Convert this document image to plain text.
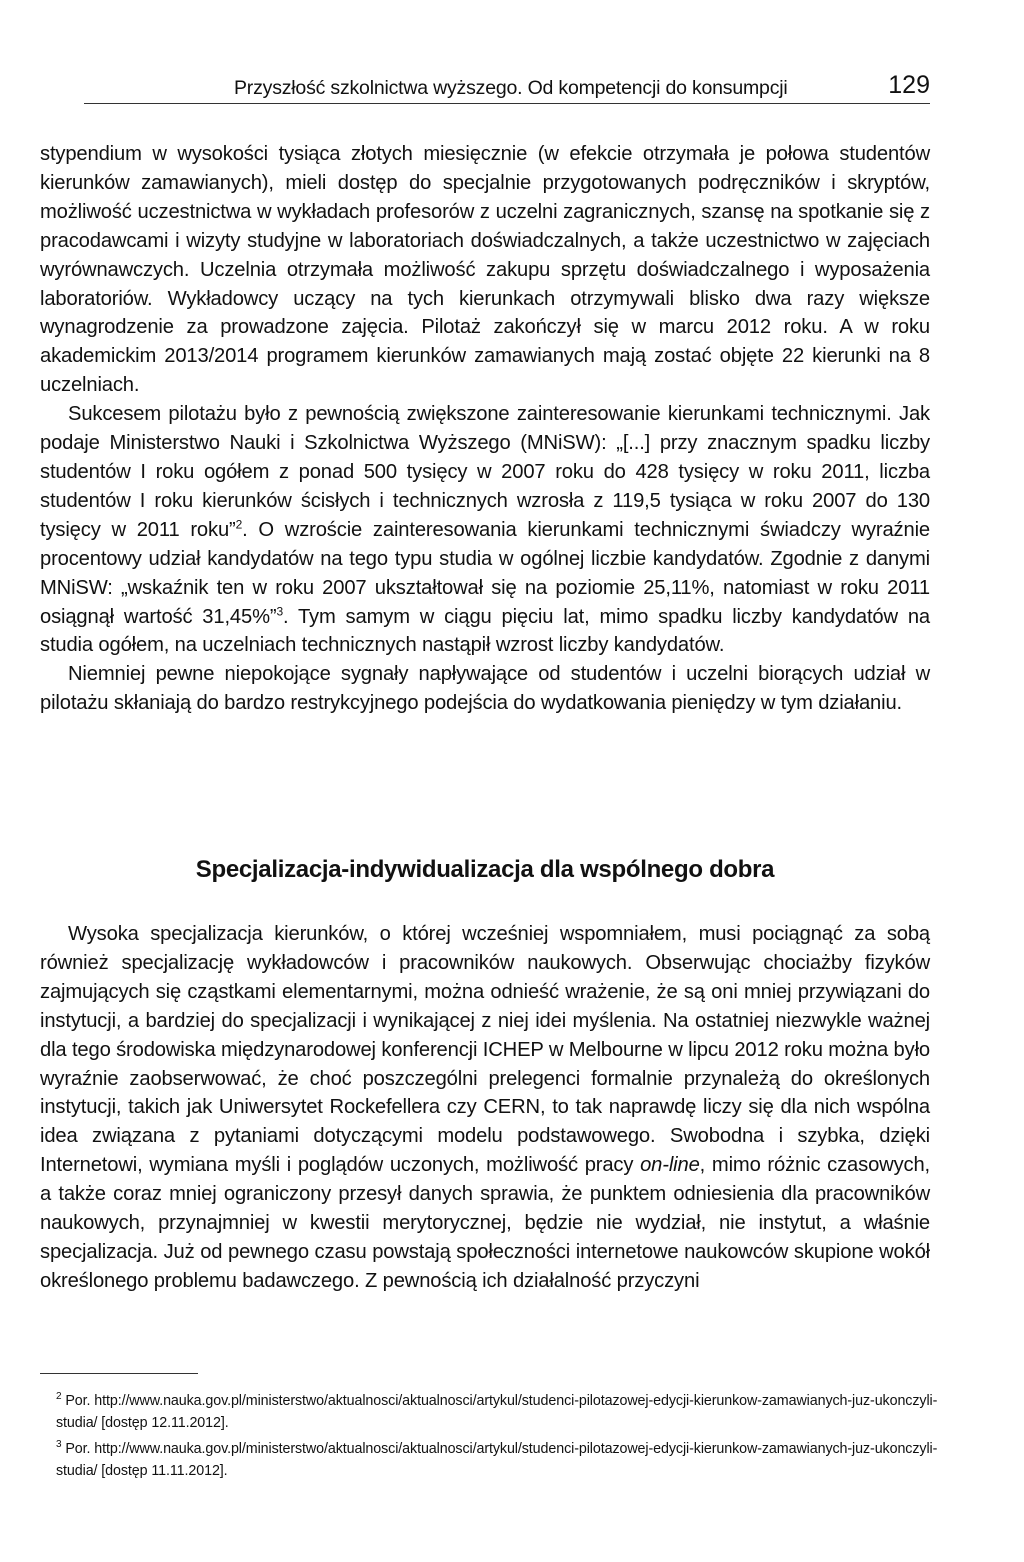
Przyszłość szkolnictwa wyższego. Od kompetencji do konsumpcji	129

stypendium w wysokości tysiąca złotych miesięcznie (w efekcie otrzymała je połowa studentów kierunków zamawianych), mieli dostęp do specjalnie przygotowanych podręczników i skryptów, możliwość uczestnictwa w wykładach profesorów z uczelni zagranicznych, szansę na spotkanie się z pracodawcami i wizyty studyjne w laboratoriach doświadczalnych, a także uczestnictwo w zajęciach wyrównawczych. Uczelnia otrzymała możliwość zakupu sprzętu doświadczalnego i wyposażenia laboratoriów. Wykładowcy uczący na tych kierunkach otrzymywali blisko dwa razy większe wynagrodzenie za prowadzone zajęcia. Pilotaż zakończył się w marcu 2012 roku. A w roku akademickim 2013/2014 programem kierunków zamawianych mają zostać objęte 22 kierunki na 8 uczelniach.

Sukcesem pilotażu było z pewnością zwiększone zainteresowanie kierunkami technicznymi. Jak podaje Ministerstwo Nauki i Szkolnictwa Wyższego (MNiSW): „[...] przy znacznym spadku liczby studentów I roku ogółem z ponad 500 tysięcy w 2007 roku do 428 tysięcy w roku 2011, liczba studentów I roku kierunków ścisłych i technicznych wzrosła z 119,5 tysiąca w roku 2007 do 130 tysięcy w 2011 roku”$^2$. O wzroście zainteresowania kierunkami technicznymi świadczy wyraźnie procentowy udział kandydatów na tego typu studia w ogólnej liczbie kandydatów. Zgodnie z danymi MNiSW: „wskaźnik ten w roku 2007 ukształtował się na poziomie 25,11%, natomiast w roku 2011 osiągnął wartość 31,45%”$^3$. Tym samym w ciągu pięciu lat, mimo spadku liczby kandydatów na studia ogółem, na uczelniach technicznych nastąpił wzrost liczby kandydatów.

Niemniej pewne niepokojące sygnały napływające od studentów i uczelni biorących udział w pilotażu skłaniają do bardzo restrykcyjnego podejścia do wydatkowania pieniędzy w tym działaniu.

Specjalizacja-indywidualizacja dla wspólnego dobra

Wysoka specjalizacja kierunków, o której wcześniej wspomniałem, musi pociągnąć za sobą również specjalizację wykładowców i pracowników naukowych. Obserwując chociażby fizyków zajmujących się cząstkami elementarnymi, można odnieść wrażenie, że są oni mniej przywiązani do instytucji, a bardziej do specjalizacji i wynikającej z niej idei myślenia. Na ostatniej niezwykle ważnej dla tego środowiska międzynarodowej konferencji ICHEP w Melbourne w lipcu 2012 roku można było wyraźnie zaobserwować, że choć poszczególni prelegenci formalnie przynależą do określonych instytucji, takich jak Uniwersytet Rockefellera czy CERN, to tak naprawdę liczy się dla nich wspólna idea związana z pytaniami dotyczącymi modelu podstawowego. Swobodna i szybka, dzięki Internetowi, wymiana myśli i poglądów uczonych, możliwość pracy on-line, mimo różnic czasowych, a także coraz mniej ograniczony przesył danych sprawia, że punktem odniesienia dla pracowników naukowych, przynajmniej w kwestii merytorycznej, będzie nie wydział, nie instytut, a właśnie specjalizacja. Już od pewnego czasu powstają społeczności internetowe naukowców skupione wokół określonego problemu badawczego. Z pewnością ich działalność przyczyni

$^2$ Por. http://www.nauka.gov.pl/ministerstwo/aktualnosci/aktualnosci/artykul/studenci-pilotazowej-edycji-kierunkow-zamawianych-juz-ukonczyli-studia/ [dostęp 12.11.2012].

$^3$ Por. http://www.nauka.gov.pl/ministerstwo/aktualnosci/aktualnosci/artykul/studenci-pilotazowej-edycji-kierunkow-zamawianych-juz-ukonczyli-studia/ [dostęp 11.11.2012].
